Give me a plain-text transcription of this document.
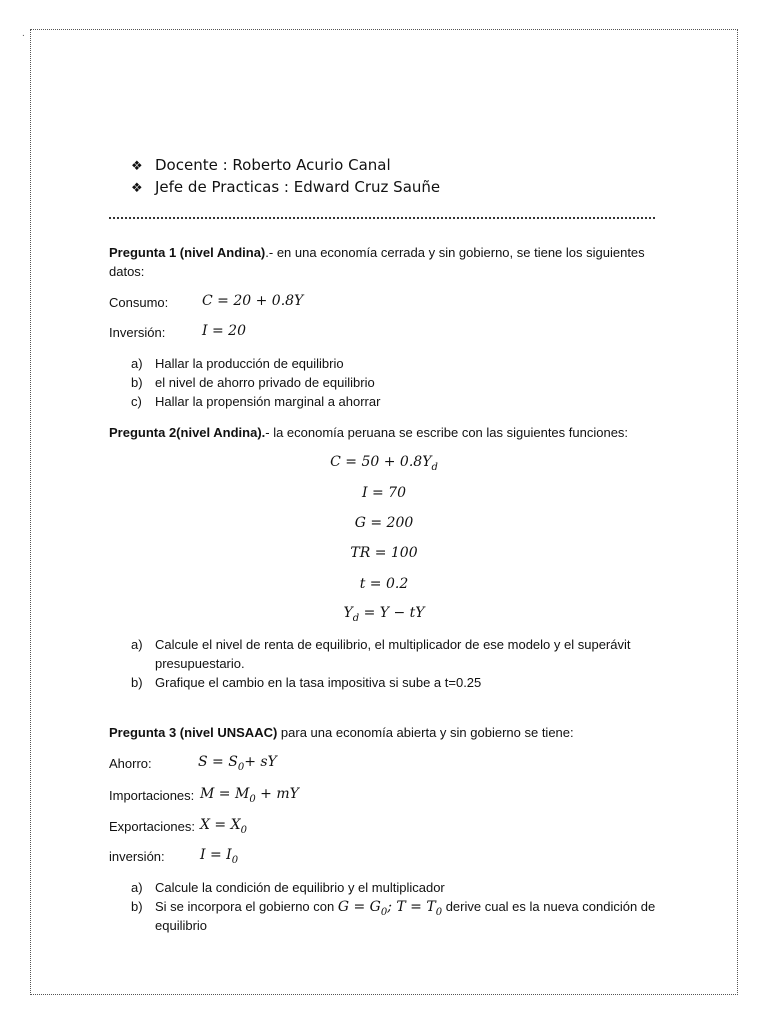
.
❖ Docente : Roberto Acurio Canal
❖ Jefe de Practicas : Edward Cruz Sauñe
Pregunta 1 (nivel Andina).- en una economía cerrada y sin gobierno, se tiene los siguientes
datos:
Consumo: C = 20 + 0.8Y
Inversión:	I = 20
a) Hallar la producción de equilibrio
b) el nivel de ahorro privado de equilibrio
c) Hallar la propensión marginal a ahorrar
Pregunta 2(nivel Andina).- la economía peruana se escribe con las siguientes funciones:
$C = 50 + 0.8Y_d$
I = 70
G = 200
TR = 100
t = 0.2
$Y_d = Y$ − tY
a) Calcule el nivel de renta de equilibrio, el multiplicador de ese modelo y el superávit
presupuestario.
b) Grafique el cambio en la tasa impositiva si sube a t=0.25
Pregunta 3 (nivel UNSAAC) para una economía abierta y sin gobierno se tiene:
Ahorro:	$S = S_0+$ sY
Importaciones: $M = M_0$ + mY
Exportaciones: $X = X_0$
inversión:	$I = I_0$
a) Calcule la condición de equilibrio y el multiplicador
b) Si se incorpora el gobierno con $G = G_0$; $T = T_0$ derive cual es la nueva condición de
equilibrio
